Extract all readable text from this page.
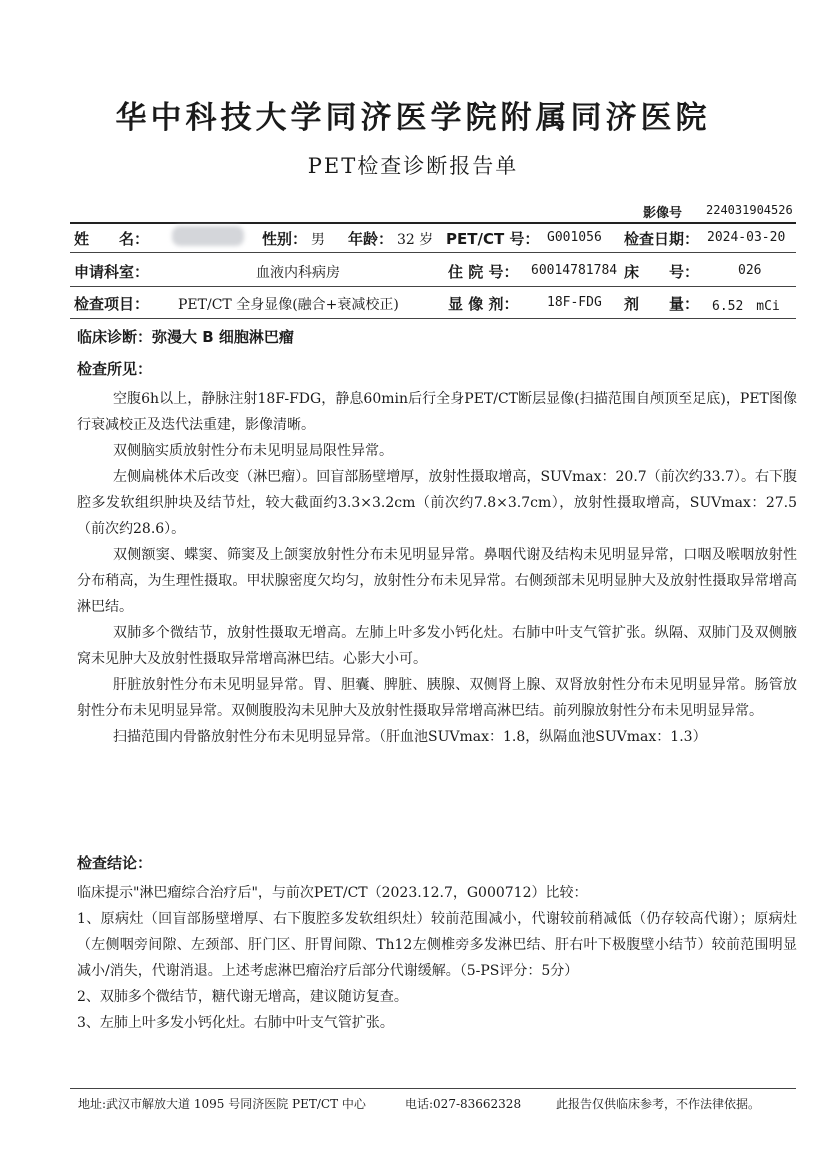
华中科技大学同济医学院附属同济医院
PET检查诊断报告单
影像号 224031904526
姓　　名：	性别： 男 年龄： 32 岁 PET/CT 号： G001056 检查日期： 2024-03-20
申请科室：	血液内科病房	住 院 号： 60014781784 床　　号：	026
检查项目： PET/CT 全身显像(融合+衰减校正)	显 像 剂： 18F-FDG 剂　　量： 6.52　mCi
临床诊断：弥漫大 B 细胞淋巴瘤
检查所见：
空腹6h以上，静脉注射18F-FDG，静息60min后行全身PET/CT断层显像(扫描范围自颅顶至足底)，PET图像行衰减校正及迭代法重建，影像清晰。
双侧脑实质放射性分布未见明显局限性异常。
左侧扁桃体术后改变（淋巴瘤）。回盲部肠壁增厚，放射性摄取增高，SUVmax：20.7（前次约33.7）。右下腹腔多发软组织肿块及结节灶，较大截面约3.3×3.2cm（前次约7.8×3.7cm），放射性摄取增高，SUVmax：27.5（前次约28.6）。
双侧额窦、蝶窦、筛窦及上颌窦放射性分布未见明显异常。鼻咽代谢及结构未见明显异常，口咽及喉咽放射性分布稍高，为生理性摄取。甲状腺密度欠均匀，放射性分布未见异常。右侧颈部未见明显肿大及放射性摄取异常增高淋巴结。
双肺多个微结节，放射性摄取无增高。左肺上叶多发小钙化灶。右肺中叶支气管扩张。纵隔、双肺门及双侧腋窝未见肿大及放射性摄取异常增高淋巴结。心影大小可。
肝脏放射性分布未见明显异常。胃、胆囊、脾脏、胰腺、双侧肾上腺、双肾放射性分布未见明显异常。肠管放射性分布未见明显异常。双侧腹股沟未见肿大及放射性摄取异常增高淋巴结。前列腺放射性分布未见明显异常。
扫描范围内骨骼放射性分布未见明显异常。（肝血池SUVmax：1.8，纵隔血池SUVmax：1.3）
检查结论：
临床提示"淋巴瘤综合治疗后"，与前次PET/CT（2023.12.7，G000712）比较：
1、原病灶（回盲部肠壁增厚、右下腹腔多发软组织灶）较前范围减小，代谢较前稍减低（仍存较高代谢）；原病灶（左侧咽旁间隙、左颈部、肝门区、肝胃间隙、Th12左侧椎旁多发淋巴结、肝右叶下极腹壁小结节）较前范围明显减小/消失，代谢消退。上述考虑淋巴瘤治疗后部分代谢缓解。（5-PS评分：5分）
2、双肺多个微结节，糖代谢无增高，建议随访复查。
3、左肺上叶多发小钙化灶。右肺中叶支气管扩张。
地址:武汉市解放大道 1095 号同济医院 PET/CT 中心	电话:027-83662328	此报告仅供临床参考，不作法律依据。
